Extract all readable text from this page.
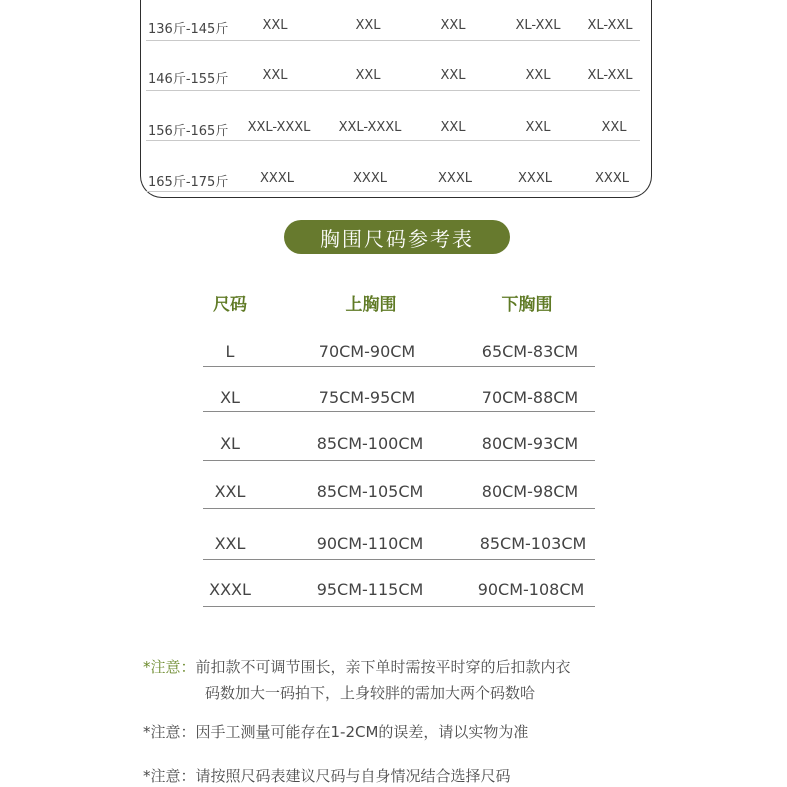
136斤-145斤	XXL	XXL	XXL	XL-XXL XL-XXL
146斤-155斤	XXL	XXL	XXL	XXL	XL-XXL
156斤-165斤 XXL-XXXL XXL-XXXL	XXL	XXL	XXL
165斤-175斤 XXXL	XXXL	XXXL	XXXL	XXXL
胸围尺码参考表
尺码	上胸围	下胸围
L	70CM-90CM	65CM-83CM
XL	75CM-95CM	70CM-88CM
XL	85CM-100CM	80CM-93CM
XXL	85CM-105CM	80CM-98CM
XXL	90CM-110CM	85CM-103CM
XXXL	95CM-115CM	90CM-108CM
*注意：前扣款不可调节围长，亲下单时需按平时穿的后扣款内衣
码数加大一码拍下，上身较胖的需加大两个码数哈
*注意：因手工测量可能存在1-2CM的误差，请以实物为准
*注意：请按照尺码表建议尺码与自身情况结合选择尺码
